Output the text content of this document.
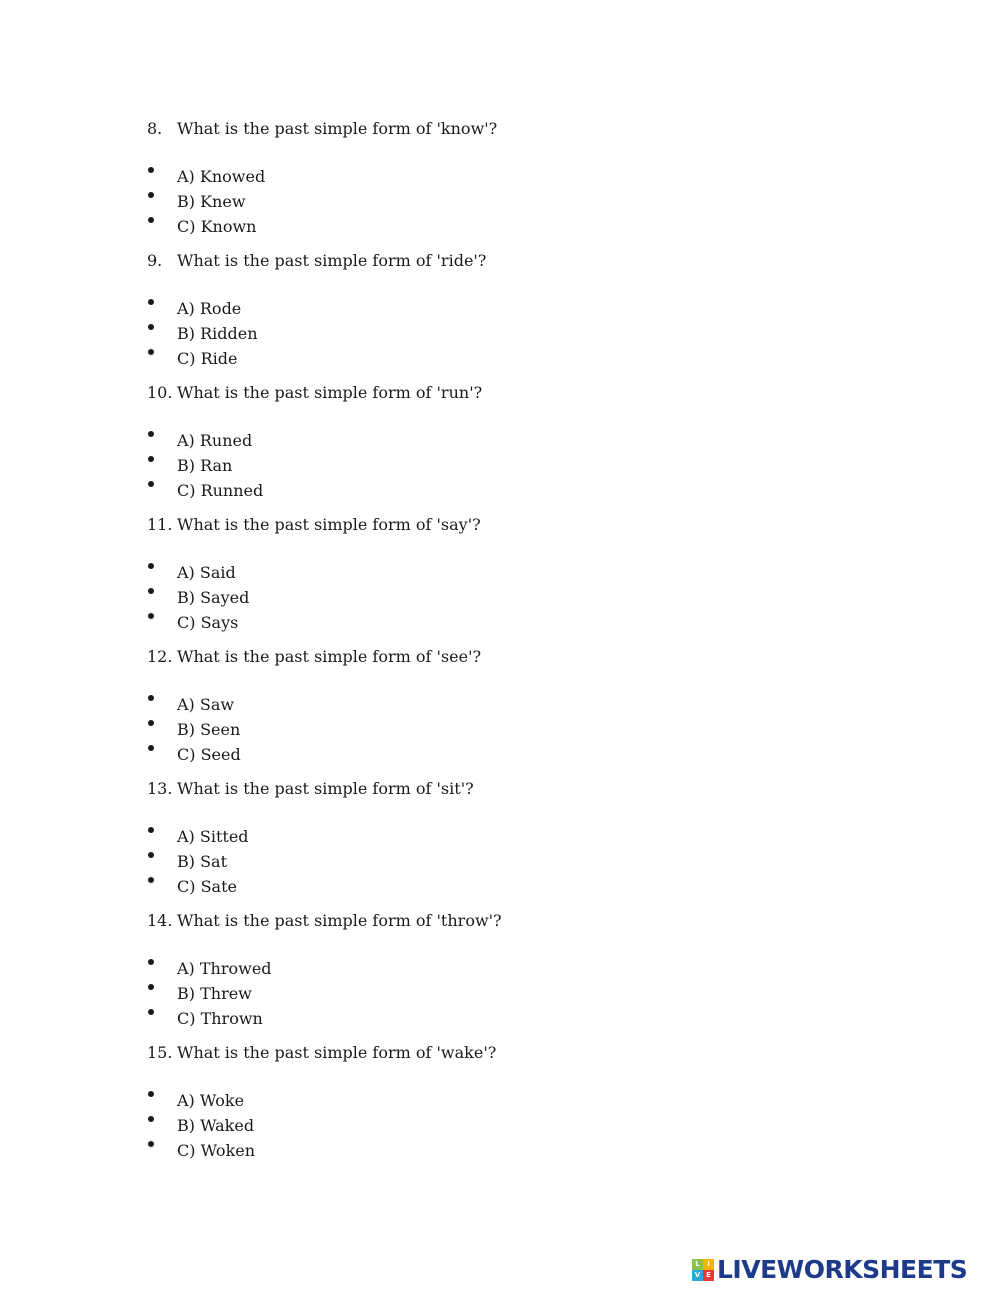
8. What is the past simple form of 'know'?
A) Knowed
B) Knew
C) Known
9. What is the past simple form of 'ride'?
A) Rode
B) Ridden
C) Ride
10. What is the past simple form of 'run'?
A) Runed
B) Ran
C) Runned
11. What is the past simple form of 'say'?
A) Said
B) Sayed
C) Says
12. What is the past simple form of 'see'?
A) Saw
B) Seen
C) Seed
13. What is the past simple form of 'sit'?
A) Sitted
B) Sat
C) Sate
14. What is the past simple form of 'throw'?
A) Throwed
B) Threw
C) Thrown
15. What is the past simple form of 'wake'?
A) Woke
B) Waked
C) Woken
L	I
V E LIVEWORKSHEETS
